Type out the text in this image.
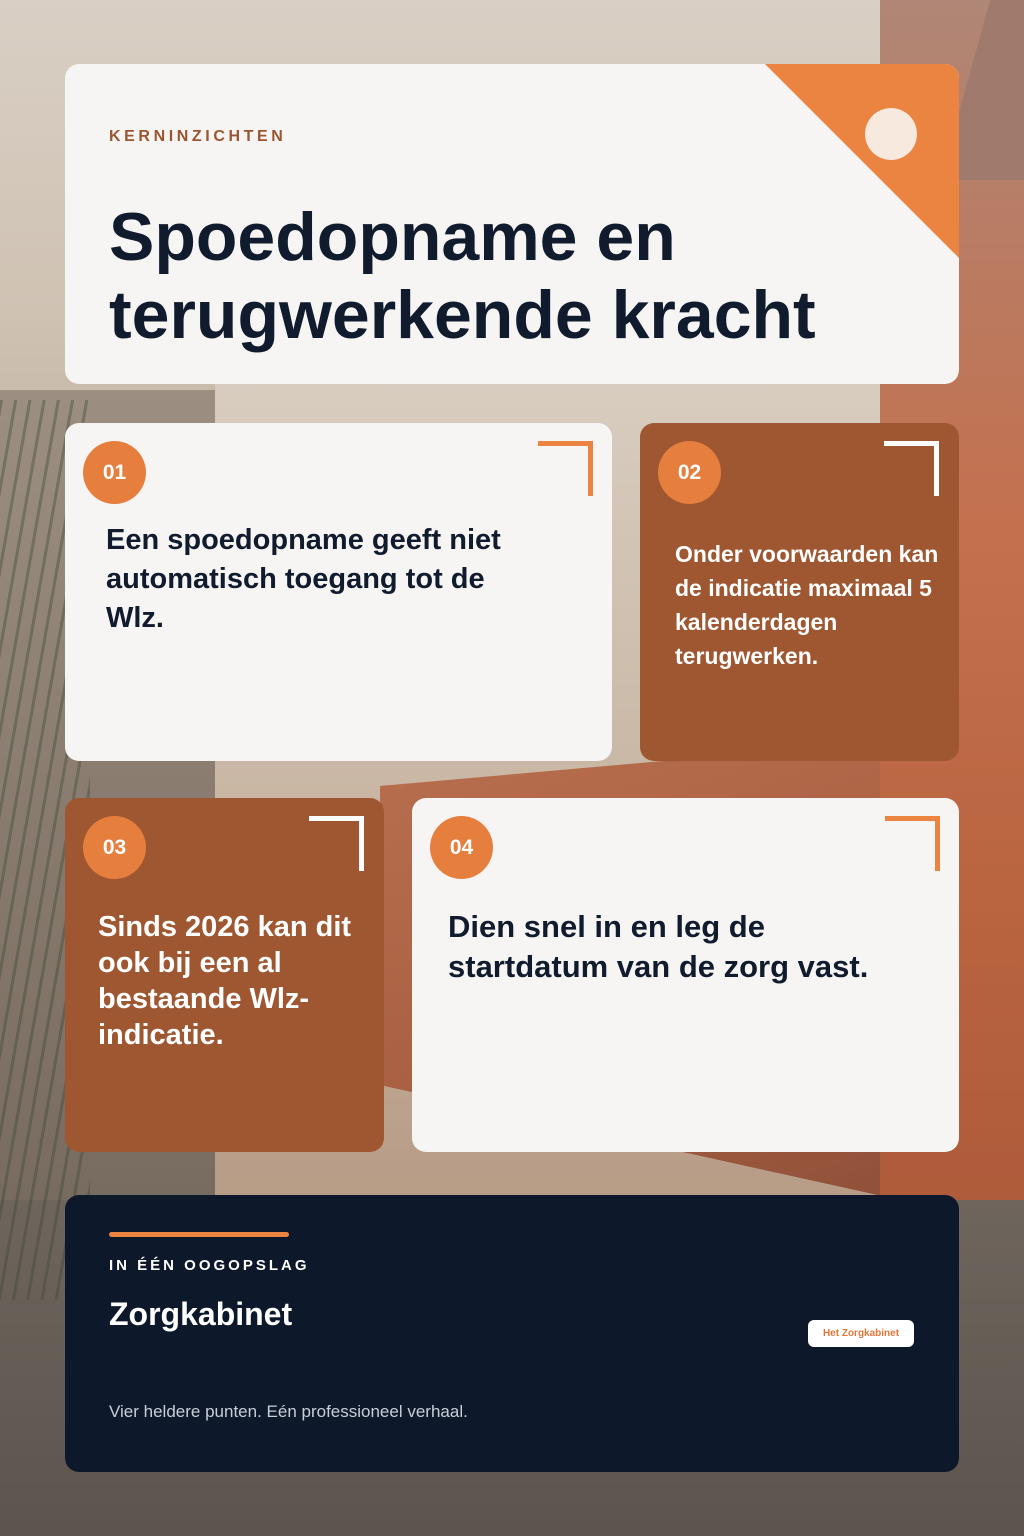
KERNINZICHTEN
Spoedopname en terugwerkende kracht
01
Een spoedopname geeft niet automatisch toegang tot de Wlz.
02
Onder voorwaarden kan de indicatie maximaal 5 kalenderdagen terugwerken.
03
Sinds 2026 kan dit ook bij een al bestaande Wlz-indicatie.
04
Dien snel in en leg de startdatum van de zorg vast.
IN ÉÉN OOGOPSLAG
Zorgkabinet
Het Zorgkabinet
Vier heldere punten. Eén professioneel verhaal.
